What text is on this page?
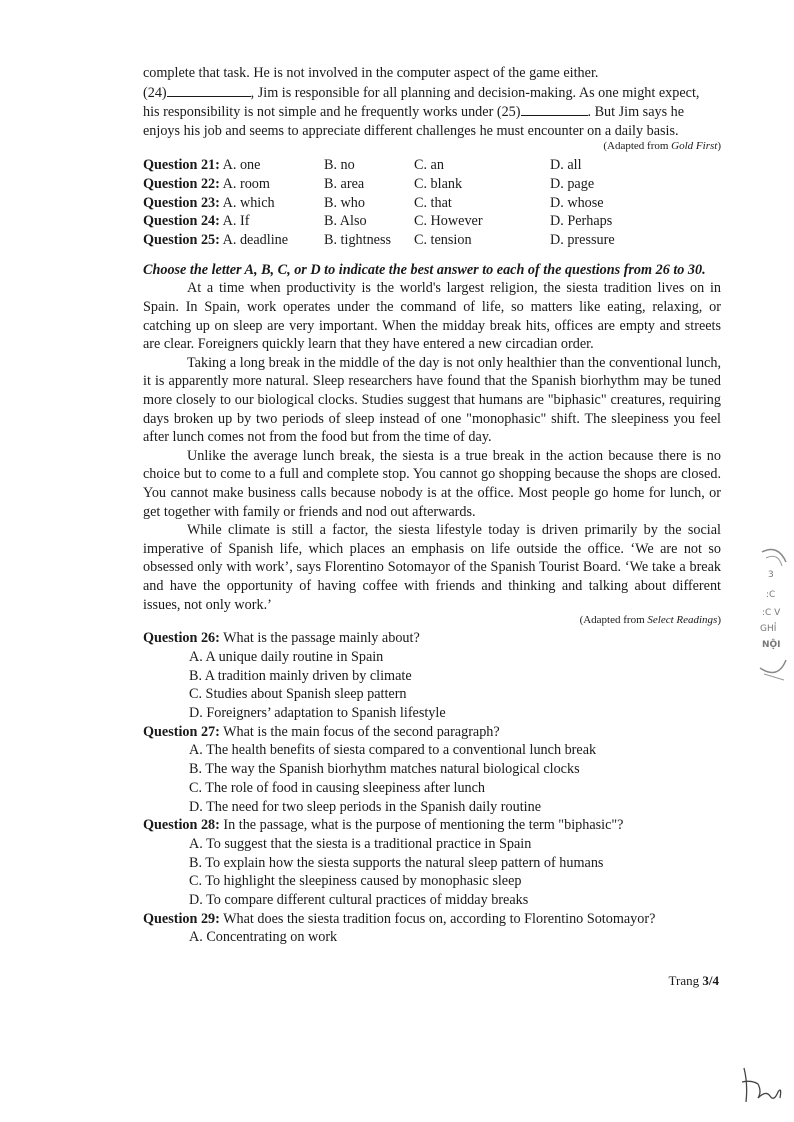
complete that task. He is not involved in the computer aspect of the game either.
(24)	, Jim is responsible for all planning and decision-making. As one might expect,
his responsibility is not simple and he frequently works under (25)	. But Jim says he
enjoys his job and seems to appreciate different challenges he must encounter on a daily basis.

(Adapted from Gold First)

Question 21: A. one	B. no	C. an	D. all
Question 22: A. room	B. area	C. blank	D. page
Question 23: A. which	B. who	C. that	D. whose
Question 24: A. If	B. Also	C. However	D. Perhaps
Question 25: A. deadline	B. tightness	C. tension	D. pressure

Choose the letter A, B, C, or D to indicate the best answer to each of the questions from 26 to 30.

At a time when productivity is the world's largest religion, the siesta tradition lives on in Spain. In Spain, work operates under the command of life, so matters like eating, relaxing, or catching up on sleep are very important. When the midday break hits, offices are empty and streets are clear. Foreigners quickly learn that they have entered a new circadian order.

Taking a long break in the middle of the day is not only healthier than the conventional lunch, it is apparently more natural. Sleep researchers have found that the Spanish biorhythm may be tuned more closely to our biological clocks. Studies suggest that humans are "biphasic" creatures, requiring days broken up by two periods of sleep instead of one "monophasic" shift. The sleepiness you feel after lunch comes not from the food but from the time of day.

Unlike the average lunch break, the siesta is a true break in the action because there is no choice but to come to a full and complete stop. You cannot go shopping because the shops are closed. You cannot make business calls because nobody is at the office. Most people go home for lunch, or get together with family or friends and nod out afterwards.

While climate is still a factor, the siesta lifestyle today is driven primarily by the social imperative of Spanish life, which places an emphasis on life outside the office. ‘We are not so obsessed only with work’, says Florentino Sotomayor of the Spanish Tourist Board. ‘We take a break and have the opportunity of having coffee with friends and thinking and talking about different issues, not only work.’

(Adapted from Select Readings)

Question 26: What is the passage mainly about?

A. A unique daily routine in Spain

B. A tradition mainly driven by climate

C. Studies about Spanish sleep pattern

D. Foreigners’ adaptation to Spanish lifestyle

Question 27: What is the main focus of the second paragraph?

A. The health benefits of siesta compared to a conventional lunch break

B. The way the Spanish biorhythm matches natural biological clocks

C. The role of food in causing sleepiness after lunch

D. The need for two sleep periods in the Spanish daily routine

Question 28: In the passage, what is the purpose of mentioning the term "biphasic"?

A. To suggest that the siesta is a traditional practice in Spain

B. To explain how the siesta supports the natural sleep pattern of humans

C. To highlight the sleepiness caused by monophasic sleep

D. To compare different cultural practices of midday breaks

Question 29: What does the siesta tradition focus on, according to Florentino Sotomayor?

A. Concentrating on work

Trang 3/4
3
:C
:C V
GHỈ
NỘI
